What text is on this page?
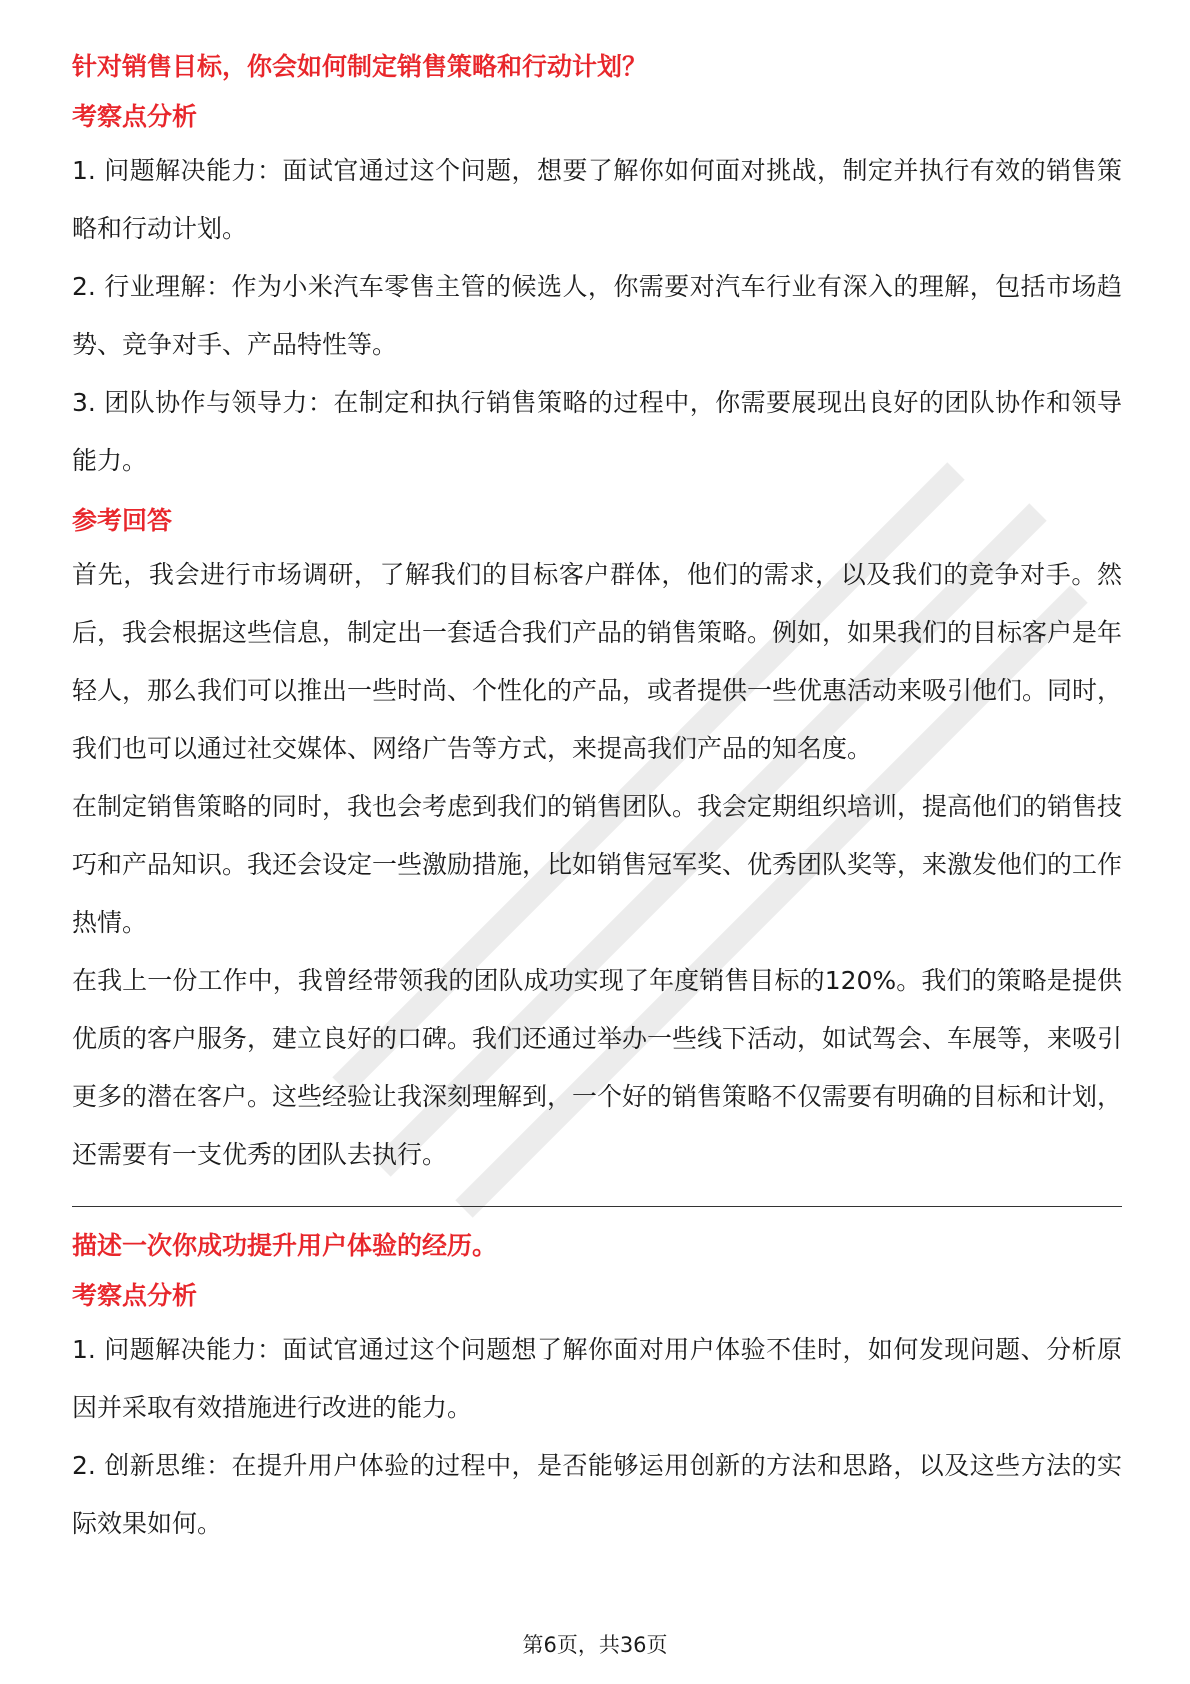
针对销售目标，你会如何制定销售策略和行动计划？
考察点分析

1. 问题解决能力：面试官通过这个问题，想要了解你如何面对挑战，制定并执行有效的销售策略和行动计划。

2. 行业理解：作为小米汽车零售主管的候选人，你需要对汽车行业有深入的理解，包括市场趋势、竞争对手、产品特性等。

3. 团队协作与领导力：在制定和执行销售策略的过程中，你需要展现出良好的团队协作和领导能力。

参考回答

首先，我会进行市场调研，了解我们的目标客户群体，他们的需求，以及我们的竞争对手。然后，我会根据这些信息，制定出一套适合我们产品的销售策略。例如，如果我们的目标客户是年轻人，那么我们可以推出一些时尚、个性化的产品，或者提供一些优惠活动来吸引他们。同时，我们也可以通过社交媒体、网络广告等方式，来提高我们产品的知名度。

在制定销售策略的同时，我也会考虑到我们的销售团队。我会定期组织培训，提高他们的销售技巧和产品知识。我还会设定一些激励措施，比如销售冠军奖、优秀团队奖等，来激发他们的工作热情。

在我上一份工作中，我曾经带领我的团队成功实现了年度销售目标的120%。我们的策略是提供优质的客户服务，建立良好的口碑。我们还通过举办一些线下活动，如试驾会、车展等，来吸引更多的潜在客户。这些经验让我深刻理解到，一个好的销售策略不仅需要有明确的目标和计划，还需要有一支优秀的团队去执行。

描述一次你成功提升用户体验的经历。
考察点分析

1. 问题解决能力：面试官通过这个问题想了解你面对用户体验不佳时，如何发现问题、分析原因并采取有效措施进行改进的能力。

2. 创新思维：在提升用户体验的过程中，是否能够运用创新的方法和思路，以及这些方法的实际效果如何。

第6页，共36页
